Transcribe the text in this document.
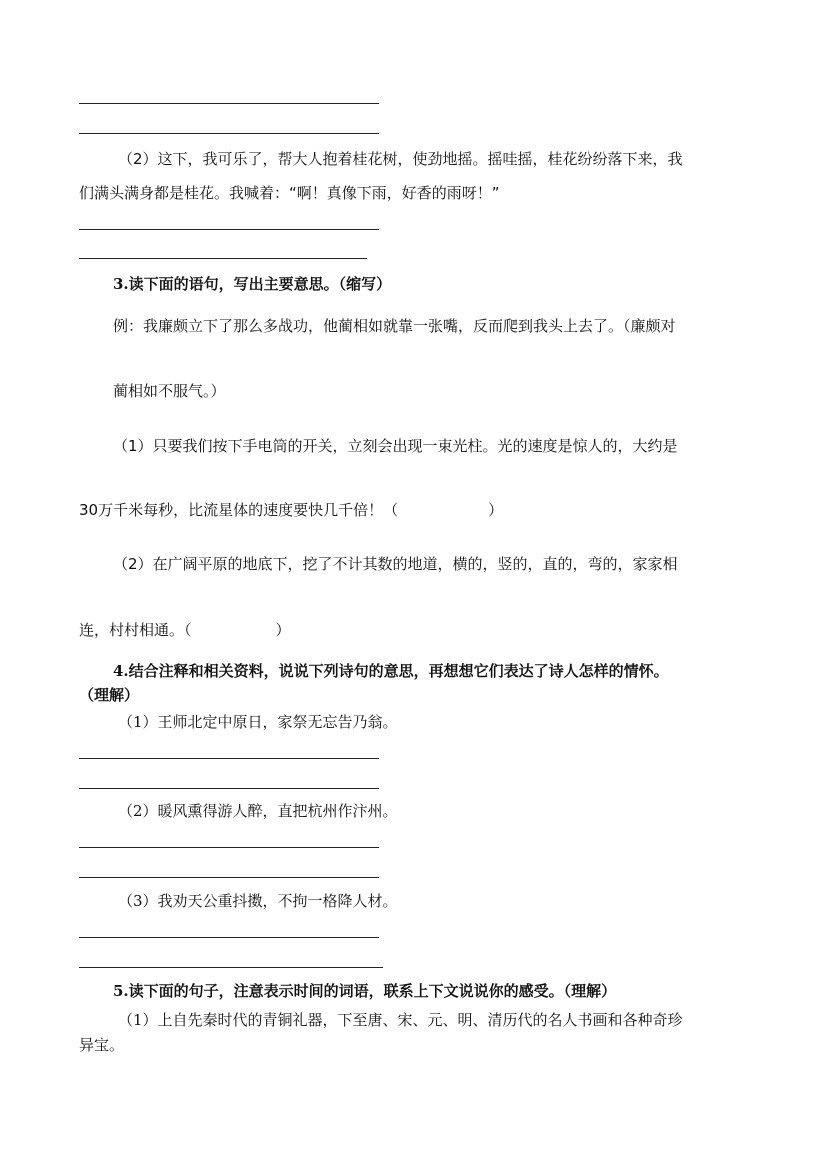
（2）这下，我可乐了，帮大人抱着桂花树，使劲地摇。摇哇摇，桂花纷纷落下来，我
们满头满身都是桂花。我喊着：“啊！真像下雨，好香的雨呀！”
3.读下面的语句，写出主要意思。（缩写）
例：我廉颇立下了那么多战功，他蔺相如就靠一张嘴，反而爬到我头上去了。（廉颇对
蔺相如不服气。）
（1）只要我们按下手电筒的开关，立刻会出现一束光柱。光的速度是惊人的，大约是
30万千米每秒，比流星体的速度要快几千倍！（	）
（2）在广阔平原的地底下，挖了不计其数的地道，横的，竖的，直的，弯的，家家相
连，村村相通。（	）
4.结合注释和相关资料，说说下列诗句的意思，再想想它们表达了诗人怎样的情怀。
（理解）
（1）王师北定中原日，家祭无忘告乃翁。
（2）暖风熏得游人醉，直把杭州作汴州。
（3）我劝天公重抖擞，不拘一格降人材。
5.读下面的句子，注意表示时间的词语，联系上下文说说你的感受。（理解）
（1）上自先秦时代的青铜礼器，下至唐、宋、元、明、清历代的名人书画和各种奇珍
异宝。
